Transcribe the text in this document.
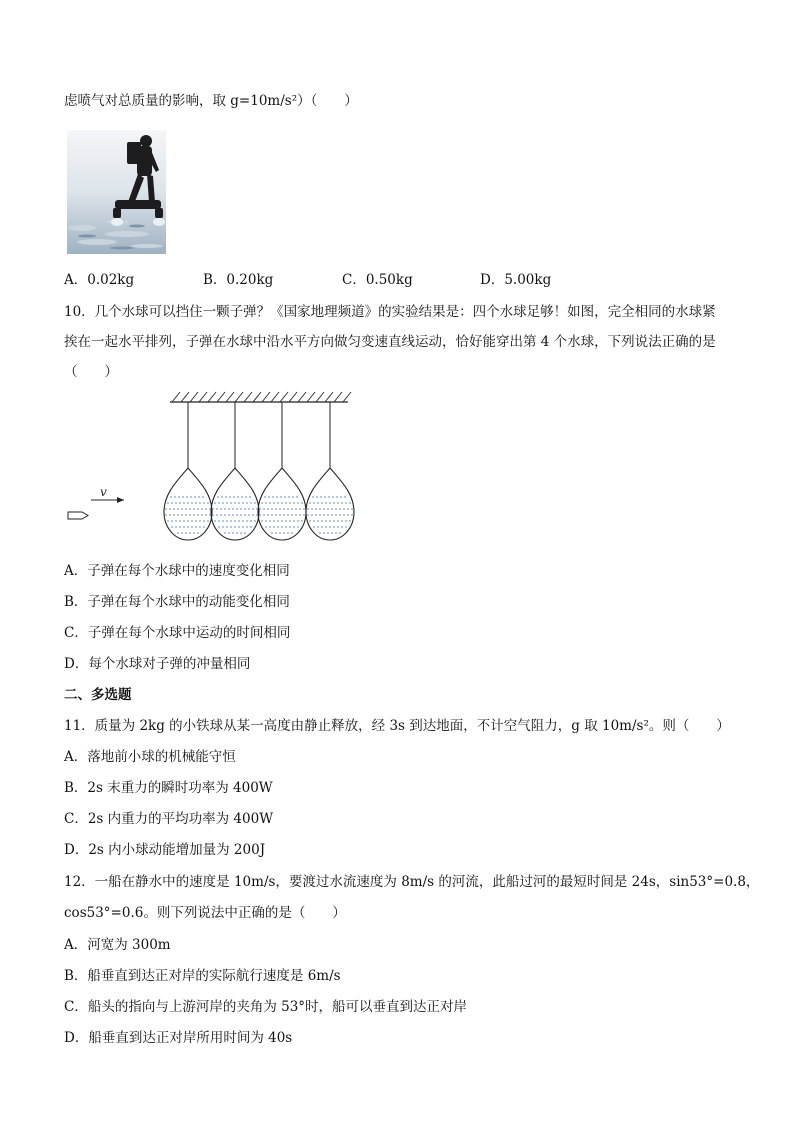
虑喷气对总质量的影响，取 g=10m/s²）（　　）
A．0.02kg	B．0.20kg	C．0.50kg	D．5.00kg
10．几个水球可以挡住一颗子弹？《国家地理频道》的实验结果是：四个水球足够！如图，完全相同的水球紧
挨在一起水平排列，子弹在水球中沿水平方向做匀变速直线运动，恰好能穿出第 4 个水球，下列说法正确的是
（　　）
v
A．子弹在每个水球中的速度变化相同
B．子弹在每个水球中的动能变化相同
C．子弹在每个水球中运动的时间相同
D．每个水球对子弹的冲量相同
二、多选题
11．质量为 2kg 的小铁球从某一高度由静止释放，经 3s 到达地面，不计空气阻力，g 取 10m/s²。则（　　）
A．落地前小球的机械能守恒
B．2s 末重力的瞬时功率为 400W
C．2s 内重力的平均功率为 400W
D．2s 内小球动能增加量为 200J
12．一船在静水中的速度是 10m/s，要渡过水流速度为 8m/s 的河流，此船过河的最短时间是 24s，sin53°=0.8，
cos53°=0.6。则下列说法中正确的是（　　）
A．河宽为 300m
B．船垂直到达正对岸的实际航行速度是 6m/s
C．船头的指向与上游河岸的夹角为 53°时，船可以垂直到达正对岸
D．船垂直到达正对岸所用时间为 40s
